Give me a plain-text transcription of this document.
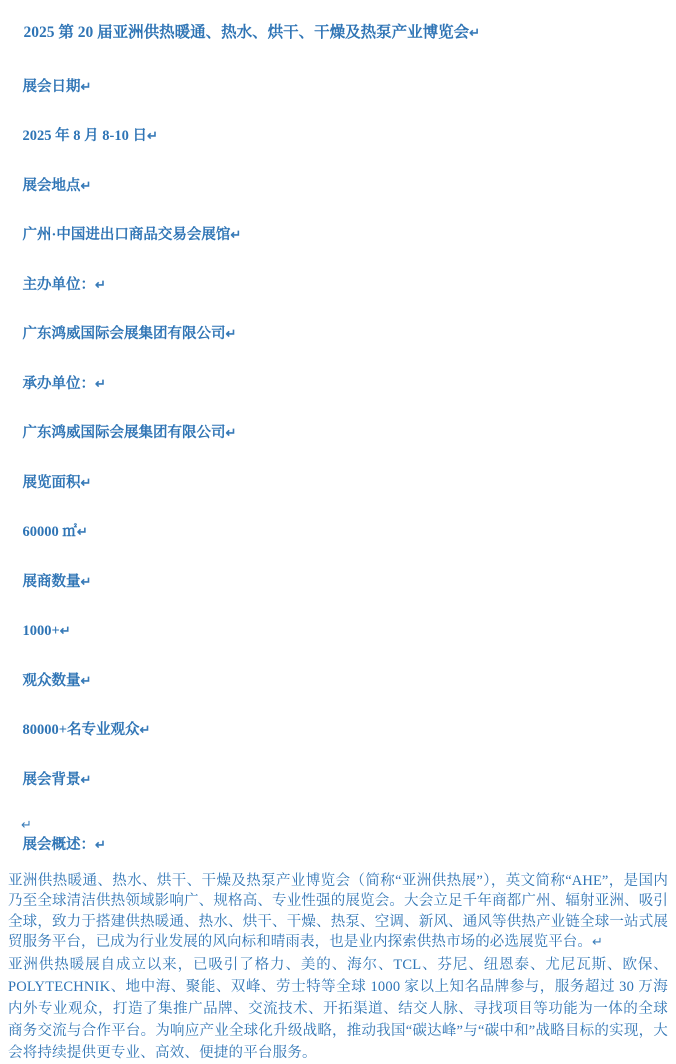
2025 第 20 届亚洲供热暖通、热水、烘干、干燥及热泵产业博览会↵

展会日期↵

2025 年 8 月 8-10 日↵

展会地点↵

广州·中国进出口商品交易会展馆↵

主办单位：↵

广东鸿威国际会展集团有限公司↵

承办单位：↵

广东鸿威国际会展集团有限公司↵

展览面积↵

60000 ㎡↵

展商数量↵

1000+↵

观众数量↵

80000+名专业观众↵

展会背景↵

↵

展会概述：↵

亚洲供热暖通、热水、烘干、干燥及热泵产业博览会（简称“亚洲供热展”），英文简称“AHE”，是国内乃至全球清洁供热领域影响广、规格高、专业性强的展览会。大会立足千年商都广州、辐射亚洲、吸引全球，致力于搭建供热暖通、热水、烘干、干燥、热泵、空调、新风、通风等供热产业链全球一站式展贸服务平台，已成为行业发展的风向标和晴雨表，也是业内探索供热市场的必选展览平台。↵
亚洲供热暖展自成立以来，已吸引了格力、美的、海尔、TCL、芬尼、纽恩泰、尤尼瓦斯、欧保、POLYTECHNIK、地中海、聚能、双峰、劳士特等全球 1000 家以上知名品牌参与，服务超过 30 万海内外专业观众，打造了集推广品牌、交流技术、开拓渠道、结交人脉、寻找项目等功能为一体的全球商务交流与合作平台。为响应产业全球化升级战略，推动我国“碳达峰”与“碳中和”战略目标的实现，大会将持续提供更专业、高效、便捷的平台服务。
